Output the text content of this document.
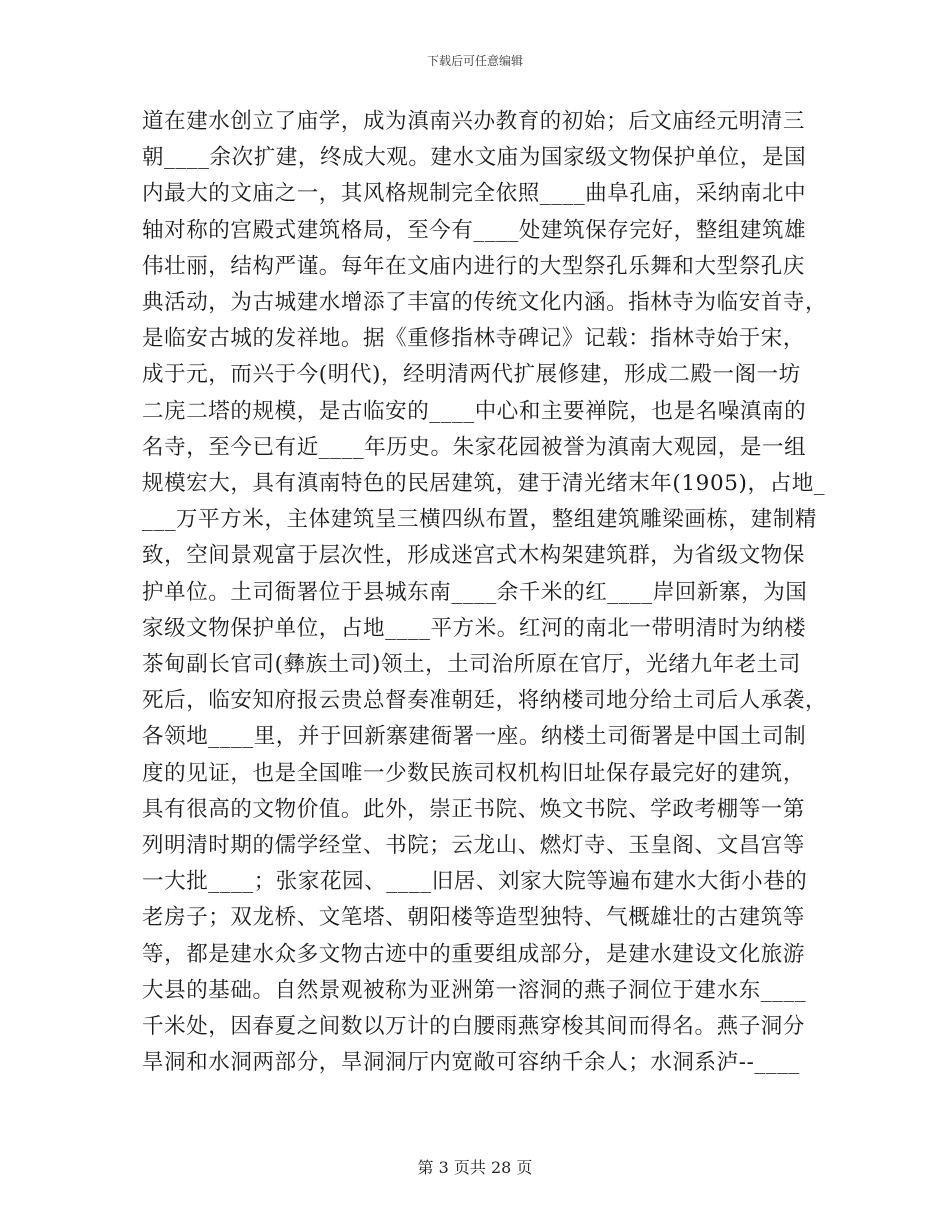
下载后可任意编辑
道在建水创立了庙学，成为滇南兴办教育的初始；后文庙经元明清三
朝____余次扩建，终成大观。建水文庙为国家级文物保护单位，是国
内最大的文庙之一，其风格规制完全依照____曲阜孔庙，采纳南北中
轴对称的宫殿式建筑格局，至今有____处建筑保存完好，整组建筑雄
伟壮丽，结构严谨。每年在文庙内进行的大型祭孔乐舞和大型祭孔庆
典活动，为古城建水增添了丰富的传统文化内涵。指林寺为临安首寺，
是临安古城的发祥地。据《重修指林寺碑记》记载：指林寺始于宋，
成于元，而兴于今(明代)，经明清两代扩展修建，形成二殿一阁一坊
二庑二塔的规模，是古临安的____中心和主要禅院，也是名噪滇南的
名寺，至今已有近____年历史。朱家花园被誉为滇南大观园，是一组
规模宏大，具有滇南特色的民居建筑，建于清光绪末年(1905)，占地_
___万平方米，主体建筑呈三横四纵布置，整组建筑雕梁画栋，建制精
致，空间景观富于层次性，形成迷宫式木构架建筑群，为省级文物保
护单位。土司衙署位于县城东南____余千米的红____岸回新寨，为国
家级文物保护单位，占地____平方米。红河的南北一带明清时为纳楼
茶甸副长官司(彝族土司)领土，土司治所原在官厅，光绪九年老土司
死后，临安知府报云贵总督奏准朝廷，将纳楼司地分给土司后人承袭，
各领地____里，并于回新寨建衙署一座。纳楼土司衙署是中国土司制
度的见证，也是全国唯一少数民族司权机构旧址保存最完好的建筑，
具有很高的文物价值。此外，崇正书院、焕文书院、学政考棚等一第
列明清时期的儒学经堂、书院；云龙山、燃灯寺、玉皇阁、文昌宫等
一大批____；张家花园、____旧居、刘家大院等遍布建水大街小巷的
老房子；双龙桥、文笔塔、朝阳楼等造型独特、气概雄壮的古建筑等
等，都是建水众多文物古迹中的重要组成部分，是建水建设文化旅游
大县的基础。自然景观被称为亚洲第一溶洞的燕子洞位于建水东____
千米处，因春夏之间数以万计的白腰雨燕穿梭其间而得名。燕子洞分
旱洞和水洞两部分，旱洞洞厅内宽敞可容纳千余人；水洞系泸--____
第 3 页共 28 页
